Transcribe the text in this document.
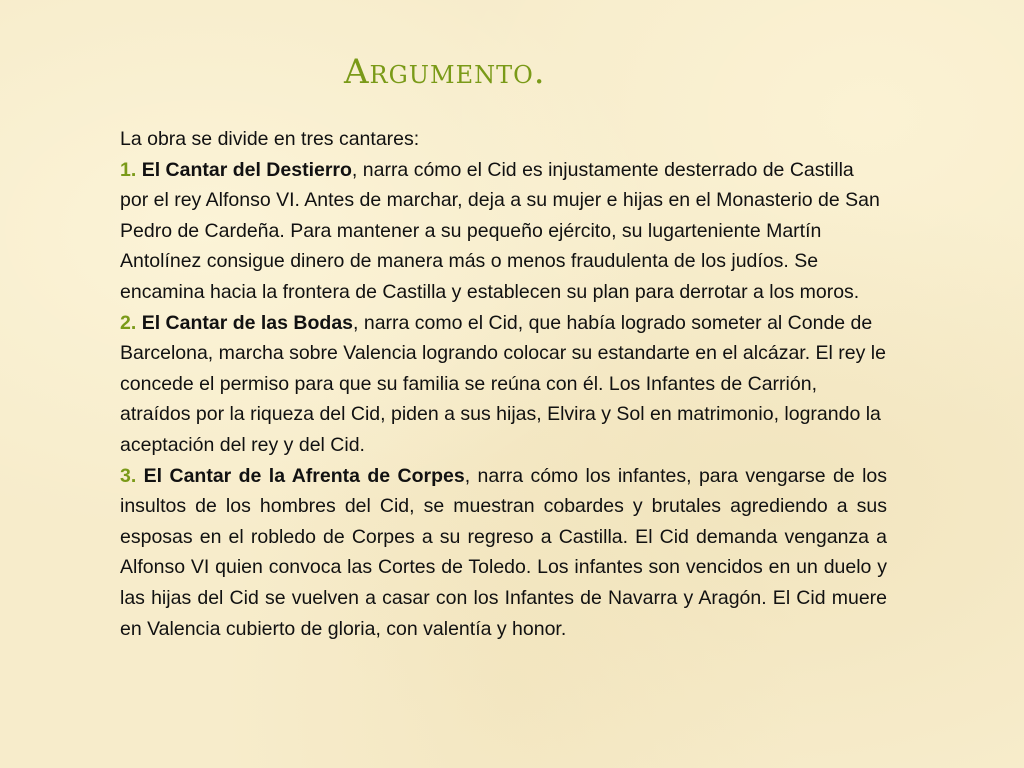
Argumento.

La obra se divide en tres cantares:

1. El Cantar del Destierro, narra cómo el Cid es injustamente desterrado de Castilla por el rey Alfonso VI. Antes de marchar, deja a su mujer e hijas en el Monasterio de San Pedro de Cardeña. Para mantener a su pequeño ejército, su lugarteniente Martín Antolínez consigue dinero de manera más o menos fraudulenta de los judíos. Se encamina hacia la frontera de Castilla y establecen su plan para derrotar a los moros.

2. El Cantar de las Bodas, narra como el Cid, que había logrado someter al Conde de Barcelona, marcha sobre Valencia logrando colocar su estandarte en el alcázar. El rey le concede el permiso para que su familia se reúna con él. Los Infantes de Carrión, atraídos por la riqueza del Cid, piden a sus hijas, Elvira y Sol en matrimonio, logrando la aceptación del rey y del Cid.

3. El Cantar de la Afrenta de Corpes, narra cómo los infantes, para vengarse de los insultos de los hombres del Cid, se muestran cobardes y brutales agrediendo a sus esposas en el robledo de Corpes a su regreso a Castilla. El Cid demanda venganza a Alfonso VI quien convoca las Cortes de Toledo. Los infantes son vencidos en un duelo y las hijas del Cid se vuelven a casar con los Infantes de Navarra y Aragón. El Cid muere en Valencia cubierto de gloria, con valentía y honor.
